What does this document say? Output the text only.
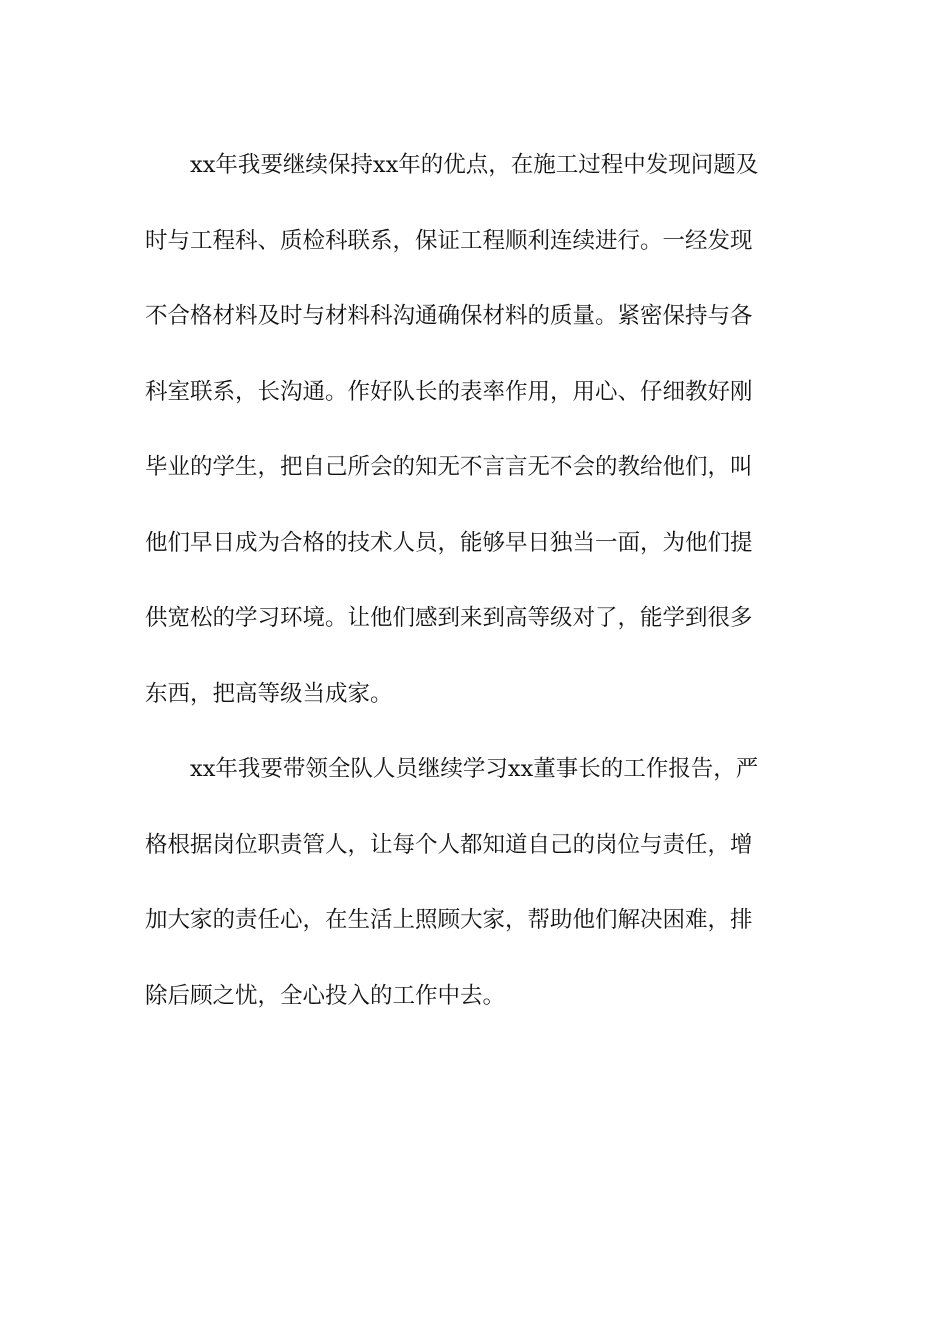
xx年我要继续保持xx年的优点，在施工过程中发现问题及
时与工程科、质检科联系，保证工程顺利连续进行。一经发现
不合格材料及时与材料科沟通确保材料的质量。紧密保持与各
科室联系，长沟通。作好队长的表率作用，用心、仔细教好刚
毕业的学生，把自己所会的知无不言言无不会的教给他们，叫
他们早日成为合格的技术人员，能够早日独当一面，为他们提
供宽松的学习环境。让他们感到来到高等级对了，能学到很多
东西，把高等级当成家。
xx年我要带领全队人员继续学习xx董事长的工作报告，严
格根据岗位职责管人，让每个人都知道自己的岗位与责任，增
加大家的责任心，在生活上照顾大家，帮助他们解决困难，排
除后顾之忧，全心投入的工作中去。
